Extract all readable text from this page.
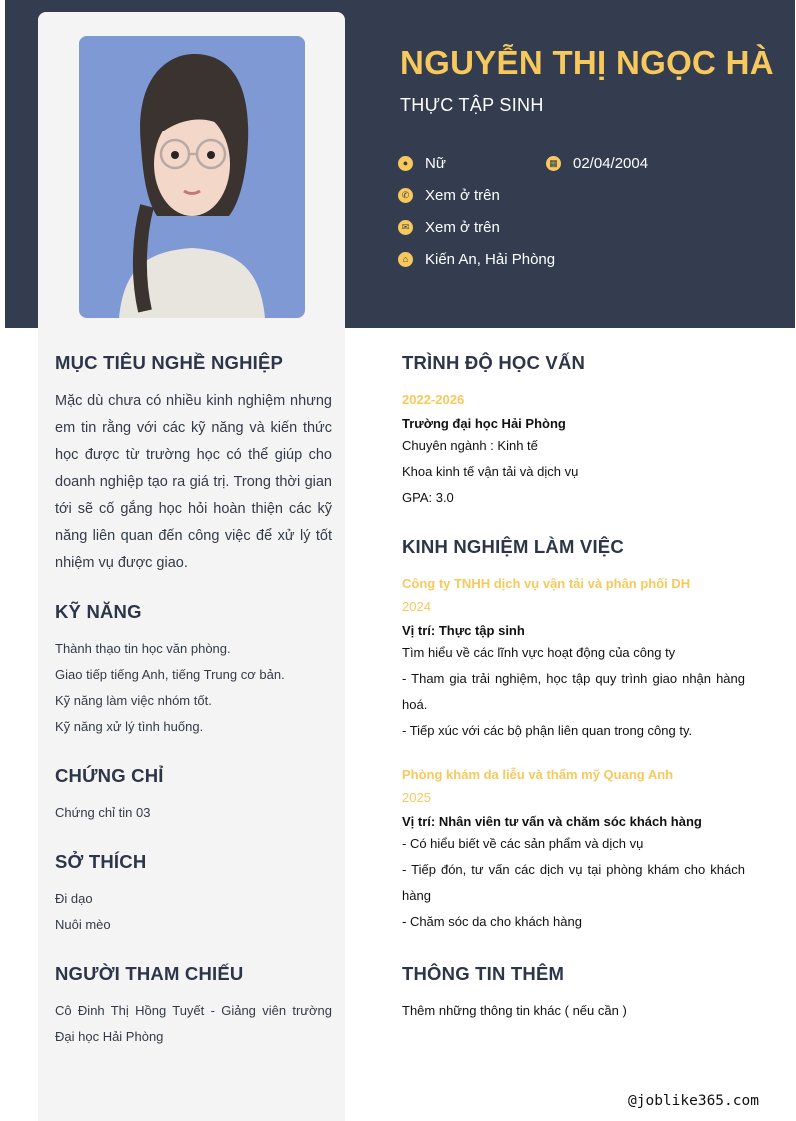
NGUYỄN THỊ NGỌC HÀ
THỰC TẬP SINH
●	Nữ	▦ 02/04/2004
✆ Xem ở trên
✉ Xem ở trên
⌂	Kiến An, Hải Phòng
MỤC TIÊU NGHỀ NGHIỆP
Mặc dù chưa có nhiều kinh nghiệm nhưng em tin rằng với các kỹ năng và kiến thức học được từ trường học có thể giúp cho doanh nghiệp tạo ra giá trị. Trong thời gian tới sẽ cố gắng học hỏi hoàn thiện các kỹ năng liên quan đến công việc để xử lý tốt nhiệm vụ được giao.
KỸ NĂNG
Thành thạo tin học văn phòng.
Giao tiếp tiếng Anh, tiếng Trung cơ bản.
Kỹ năng làm việc nhóm tốt.
Kỹ năng xử lý tình huống.
CHỨNG CHỈ
Chứng chỉ tin 03
SỞ THÍCH
Đi dạo
Nuôi mèo
NGƯỜI THAM CHIẾU
Cô Đinh Thị Hồng Tuyết - Giảng viên trường Đại học Hải Phòng
TRÌNH ĐỘ HỌC VẤN
2022-2026
Trường đại học Hải Phòng
Chuyên ngành : Kinh tế
Khoa kinh tế vận tải và dịch vụ
GPA: 3.0
KINH NGHIỆM LÀM VIỆC
Công ty TNHH dịch vụ vận tải và phân phối DH
2024
Vị trí: Thực tập sinh
Tìm hiểu về các lĩnh vực hoạt động của công ty
- Tham gia trải nghiệm, học tập quy trình giao nhận hàng hoá.
- Tiếp xúc với các bộ phận liên quan trong công ty.
Phòng khám da liễu và thẩm mỹ Quang Anh
2025
Vị trí: Nhân viên tư vấn và chăm sóc khách hàng
- Có hiểu biết về các sản phẩm và dịch vụ
- Tiếp đón, tư vấn các dịch vụ tại phòng khám cho khách hàng
- Chăm sóc da cho khách hàng
THÔNG TIN THÊM
Thêm những thông tin khác ( nếu cần )
@joblike365.com
